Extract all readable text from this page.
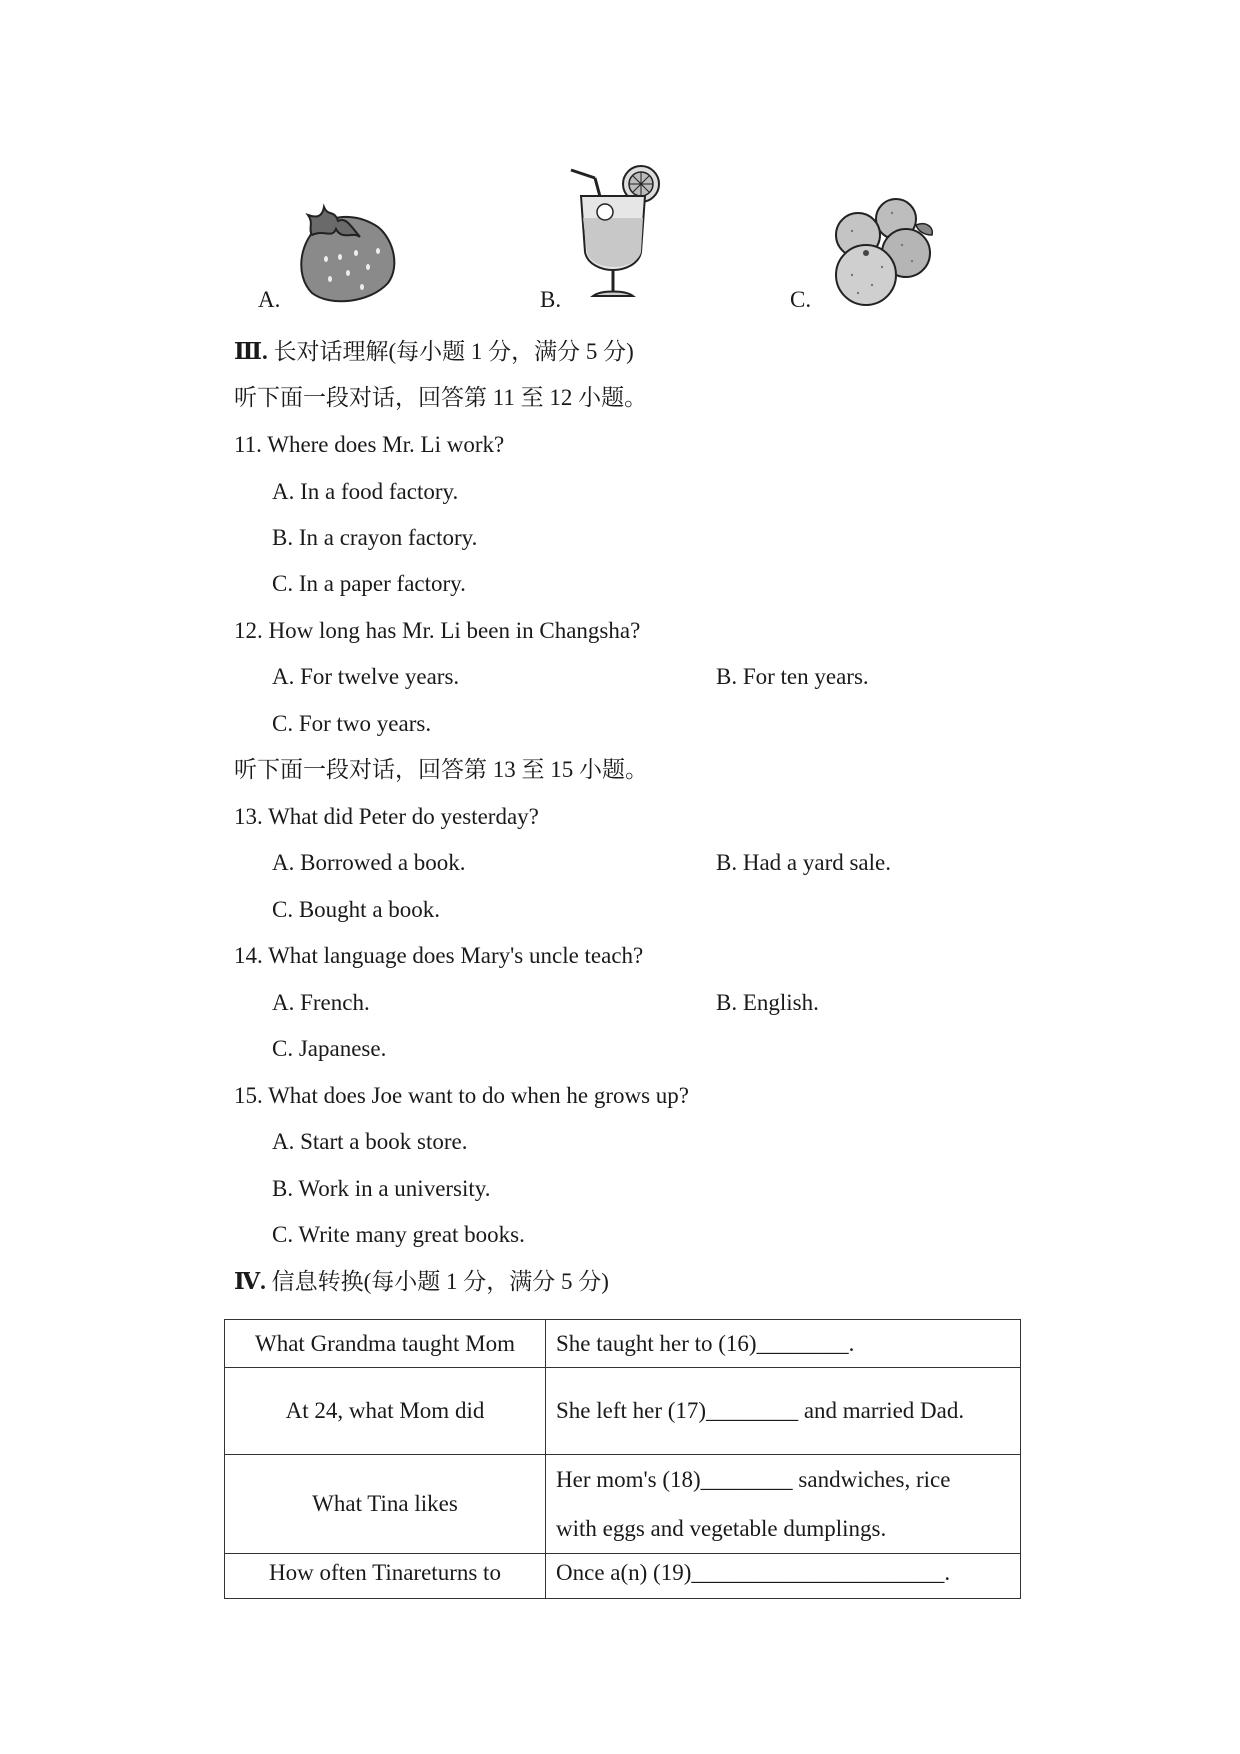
A.	B.	C.
Ⅲ. 长对话理解(每小题 1 分，满分 5 分)
听下面一段对话，回答第 11 至 12 小题。
11. Where does Mr. Li work?
A. In a food factory.
B. In a crayon factory.
C. In a paper factory.
12. How long has Mr. Li been in Changsha?
A. For twelve years.	B. For ten years.
C. For two years.
听下面一段对话，回答第 13 至 15 小题。
13. What did Peter do yesterday?
A. Borrowed a book.	B. Had a yard sale.
C. Bought a book.
14. What language does Mary's uncle teach?
A. French.	B. English.
C. Japanese.
15. What does Joe want to do when he grows up?
A. Start a book store.
B. Work in a university.
C. Write many great books.
Ⅳ. 信息转换(每小题 1 分，满分 5 分)
What Grandma taught Mom	She taught her to (16)________.
At 24, what Mom did	She left her (17)________ and married Dad.
What Tina likes	Her mom's (18)________ sandwiches, rice
with eggs and vegetable dumplings.

How often Tinareturns to	Once a(n) (19)______________________.
